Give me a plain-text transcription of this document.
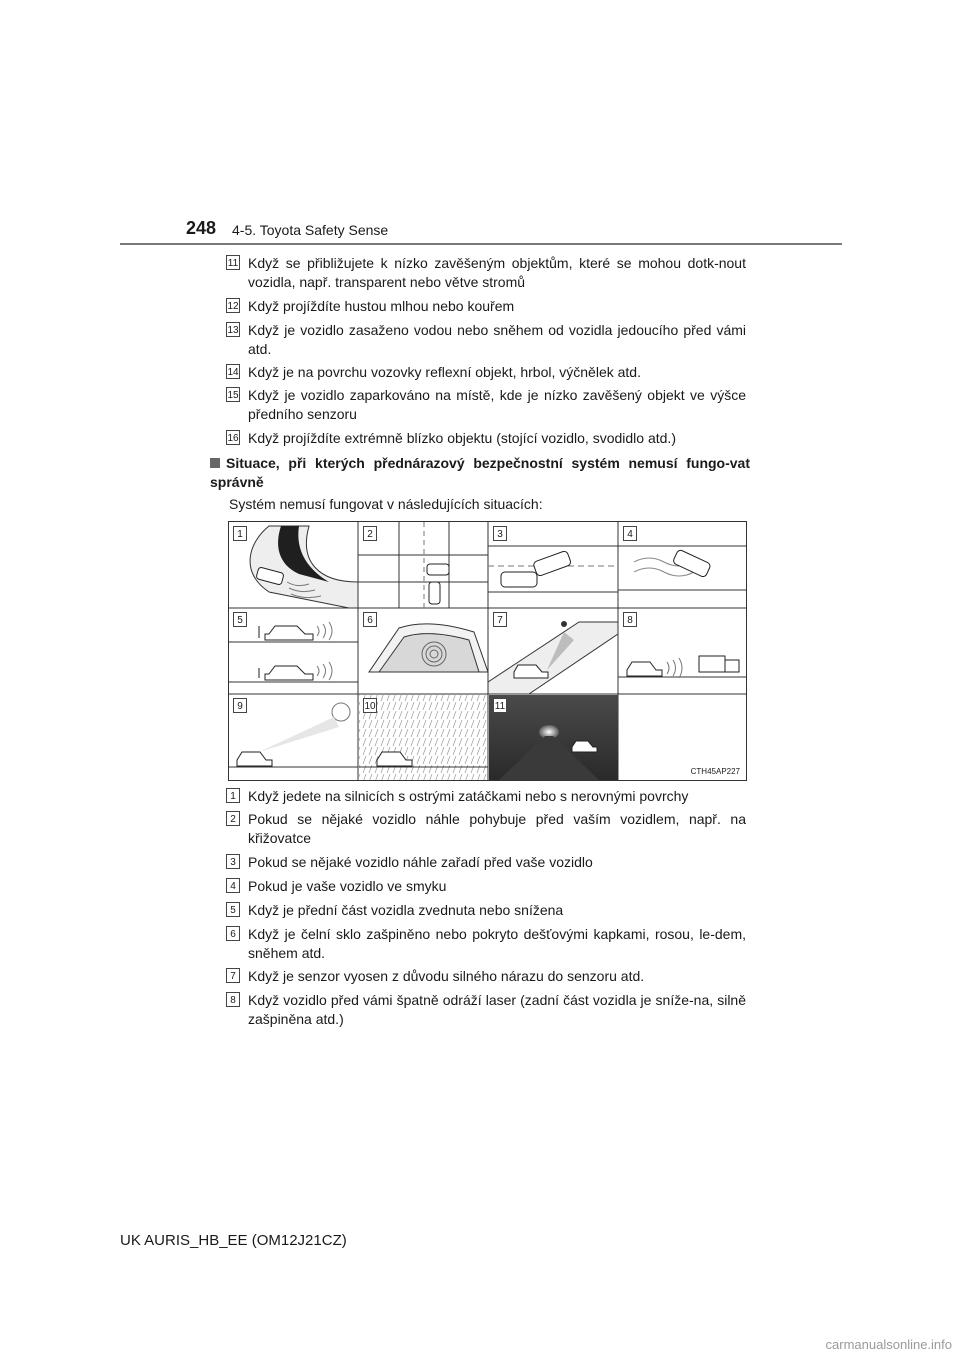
248 4-5. Toyota Safety Sense
11 Když se přibližujete k nízko zavěšeným objektům, které se mohou dotk-nout vozidla, např. transparent nebo větve stromů
12 Když projíždíte hustou mlhou nebo kouřem
13 Když je vozidlo zasaženo vodou nebo sněhem od vozidla jedoucího před vámi atd.
14 Když je na povrchu vozovky reflexní objekt, hrbol, výčnělek atd.
15 Když je vozidlo zaparkováno na místě, kde je nízko zavěšený objekt ve výšce předního senzoru
16 Když projíždíte extrémně blízko objektu (stojící vozidlo, svodidlo atd.)
Situace, při kterých přednárazový bezpečnostní systém nemusí fungo-vat správně
Systém nemusí fungovat v následujících situacích:
1	2	3	4
5	6	7	8
9	10	11
CTH45AP227
1 Když jedete na silnicích s ostrými zatáčkami nebo s nerovnými povrchy
2 Pokud se nějaké vozidlo náhle pohybuje před vaším vozidlem, např. na křižovatce
3 Pokud se nějaké vozidlo náhle zařadí před vaše vozidlo
4 Pokud je vaše vozidlo ve smyku
5 Když je přední část vozidla zvednuta nebo snížena
6 Když je čelní sklo zašpiněno nebo pokryto dešťovými kapkami, rosou, le-dem, sněhem atd.
7 Když je senzor vyosen z důvodu silného nárazu do senzoru atd.
8 Když vozidlo před vámi špatně odráží laser (zadní část vozidla je sníže-na, silně zašpiněna atd.)
UK AURIS_HB_EE (OM12J21CZ)
carmanualsonline.info
